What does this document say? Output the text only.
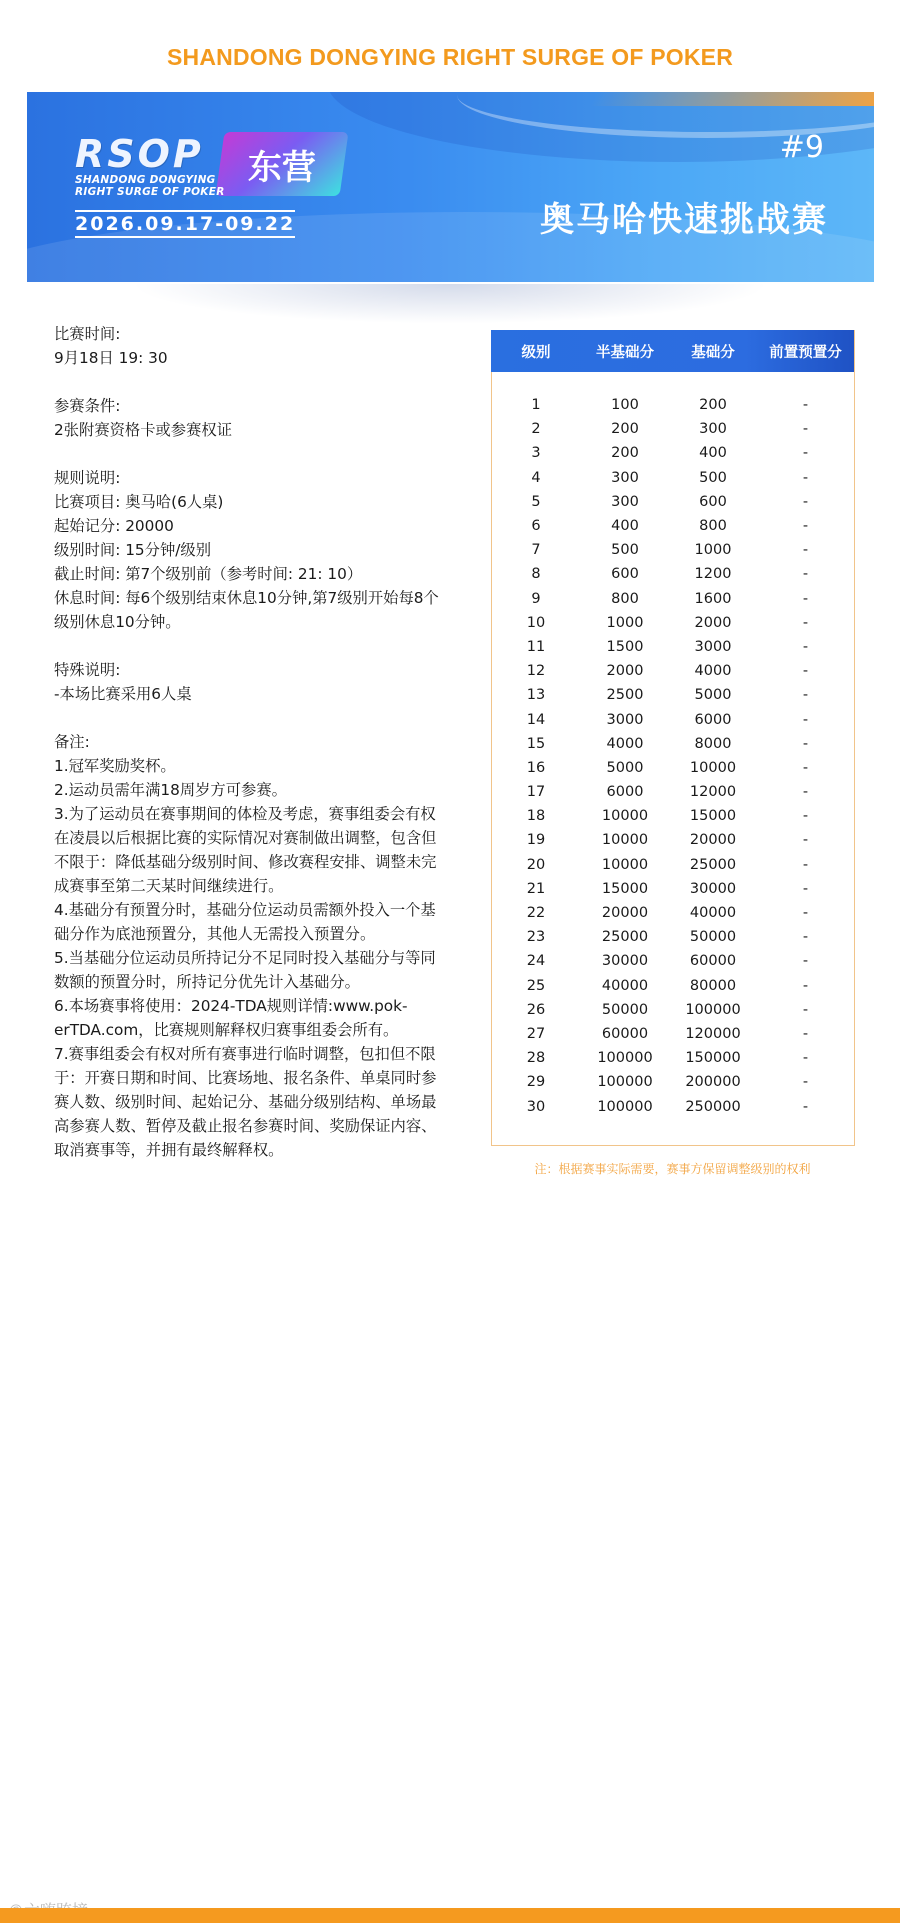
SHANDONG DONGYING RIGHT SURGE OF POKER
RSOP 东营
SHANDONG DONGYING
RIGHT SURGE OF POKER
2026.09.17-09.22
#9
奥马哈快速挑战赛

比赛时间:

9月18日 19: 30

参赛条件:

2张附赛资格卡或参赛权证

规则说明:

比赛项目: 奥马哈(6人桌)

起始记分: 20000

级别时间: 15分钟/级别

截止时间: 第7个级别前（参考时间: 21: 10）

休息时间: 每6个级别结束休息10分钟,第7级别开始每8个

级别休息10分钟。

特殊说明:

-本场比赛采用6人桌

备注:

1.冠军奖励奖杯。

2.运动员需年满18周岁方可参赛。

3.为了运动员在赛事期间的体检及考虑，赛事组委会有权

在凌晨以后根据比赛的实际情况对赛制做出调整，包含但

不限于：降低基础分级别时间、修改赛程安排、调整未完

成赛事至第二天某时间继续进行。

4.基础分有预置分时，基础分位运动员需额外投入一个基

础分作为底池预置分，其他人无需投入预置分。

5.当基础分位运动员所持记分不足同时投入基础分与等同

数额的预置分时，所持记分优先计入基础分。

6.本场赛事将使用：2024-TDA规则详情:www.pok-

erTDA.com，比赛规则解释权归赛事组委会所有。

7.赛事组委会有权对所有赛事进行临时调整，包扣但不限

于：开赛日期和时间、比赛场地、报名条件、单桌同时参

赛人数、级别时间、起始记分、基础分级别结构、单场最

高参赛人数、暂停及截止报名参赛时间、奖励保证内容、

取消赛事等，并拥有最终解释权。

级别	半基础分	基础分	前置预置分
1	100	200	-
2	200	300	-
3	200	400	-
4	300	500	-
5	300	600	-
6	400	800	-
7	500	1000	-
8	600	1200	-
9	800	1600	-
10	1000	2000	-
11	1500	3000	-
12	2000	4000	-
13	2500	5000	-
14	3000	6000	-
15	4000	8000	-
16	5000	10000	-
17	6000	12000	-
18	10000	15000	-
19	10000	20000	-
20	10000	25000	-
21	15000	30000	-
22	20000	40000	-
23	25000	50000	-
24	30000	60000	-
25	40000	80000	-
26	50000	100000	-
27	60000	120000	-
28	100000	150000	-
29	100000	200000	-
30	100000	250000	-
注：根据赛事实际需要，赛事方保留调整级别的权利
